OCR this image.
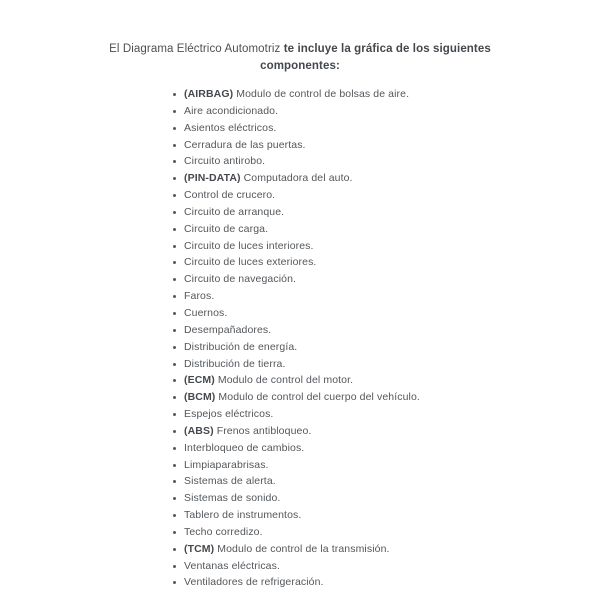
El Diagrama Eléctrico Automotriz te incluye la gráfica de los siguientes
componentes:
(AIRBAG) Modulo de control de bolsas de aire.
Aire acondicionado.
Asientos eléctricos.
Cerradura de las puertas.
Circuito antirobo.
(PIN-DATA) Computadora del auto.
Control de crucero.
Circuito de arranque.
Circuito de carga.
Circuito de luces interiores.
Circuito de luces exteriores.
Circuito de navegación.
Faros.
Cuernos.
Desempañadores.
Distribución de energía.
Distribución de tierra.
(ECM) Modulo de control del motor.
(BCM) Modulo de control del cuerpo del vehículo.
Espejos eléctricos.
(ABS) Frenos antibloqueo.
Interbloqueo de cambios.
Limpiaparabrisas.
Sistemas de alerta.
Sistemas de sonido.
Tablero de instrumentos.
Techo corredizo.
(TCM) Modulo de control de la transmisión.
Ventanas eléctricas.
Ventiladores de refrigeración.
